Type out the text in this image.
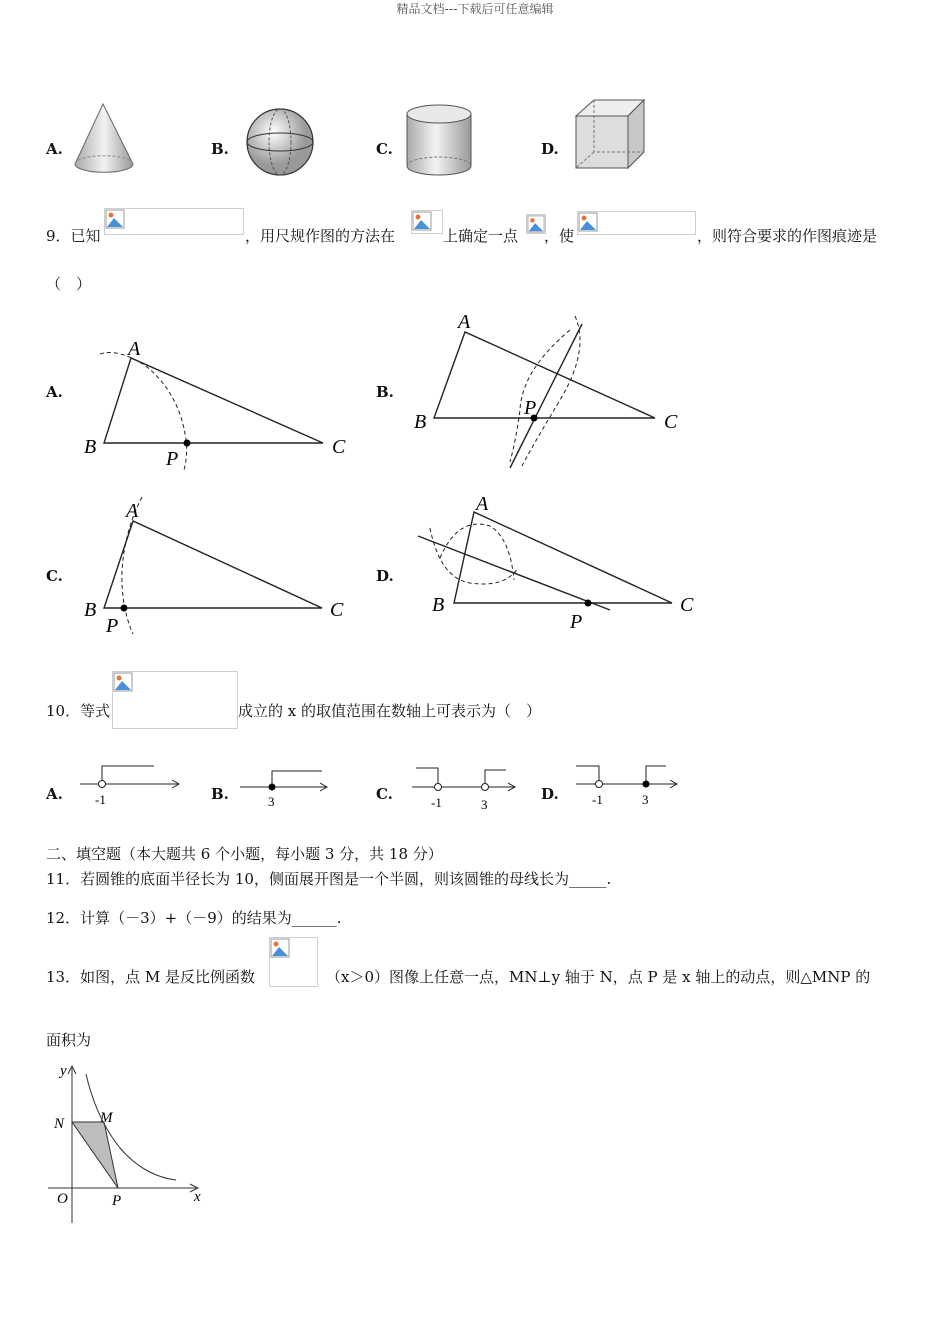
精品文档---下载后可任意编辑
A.	B.	C.	D.
9．已知	，用尺规作图的方法在	上确定一点 ，使	，则符合要求的作图痕迹是
（　）
A.
A
B	C
P
B.
A
B	C
P
C.
A
B	C
P
D.
A
B	C
P
10．等式	成立的 x 的取值范围在数轴上可表示为（　）
A. -1	B.	3	C.	-1	3
D.	-1	3
二、填空题（本大题共 6 个小题，每小题 3 分，共 18 分）
11．若圆锥的底面半径长为 10，侧面展开图是一个半圆，则该圆锥的母线长为_____.
12．计算（－3）+（－9）的结果为______.
13．如图，点 M 是反比例函数	（x＞0）图像上任意一点，MN⊥y 轴于 N，点 P 是 x 轴上的动点，则△MNP 的
面积为
y
x
N M
O	P
